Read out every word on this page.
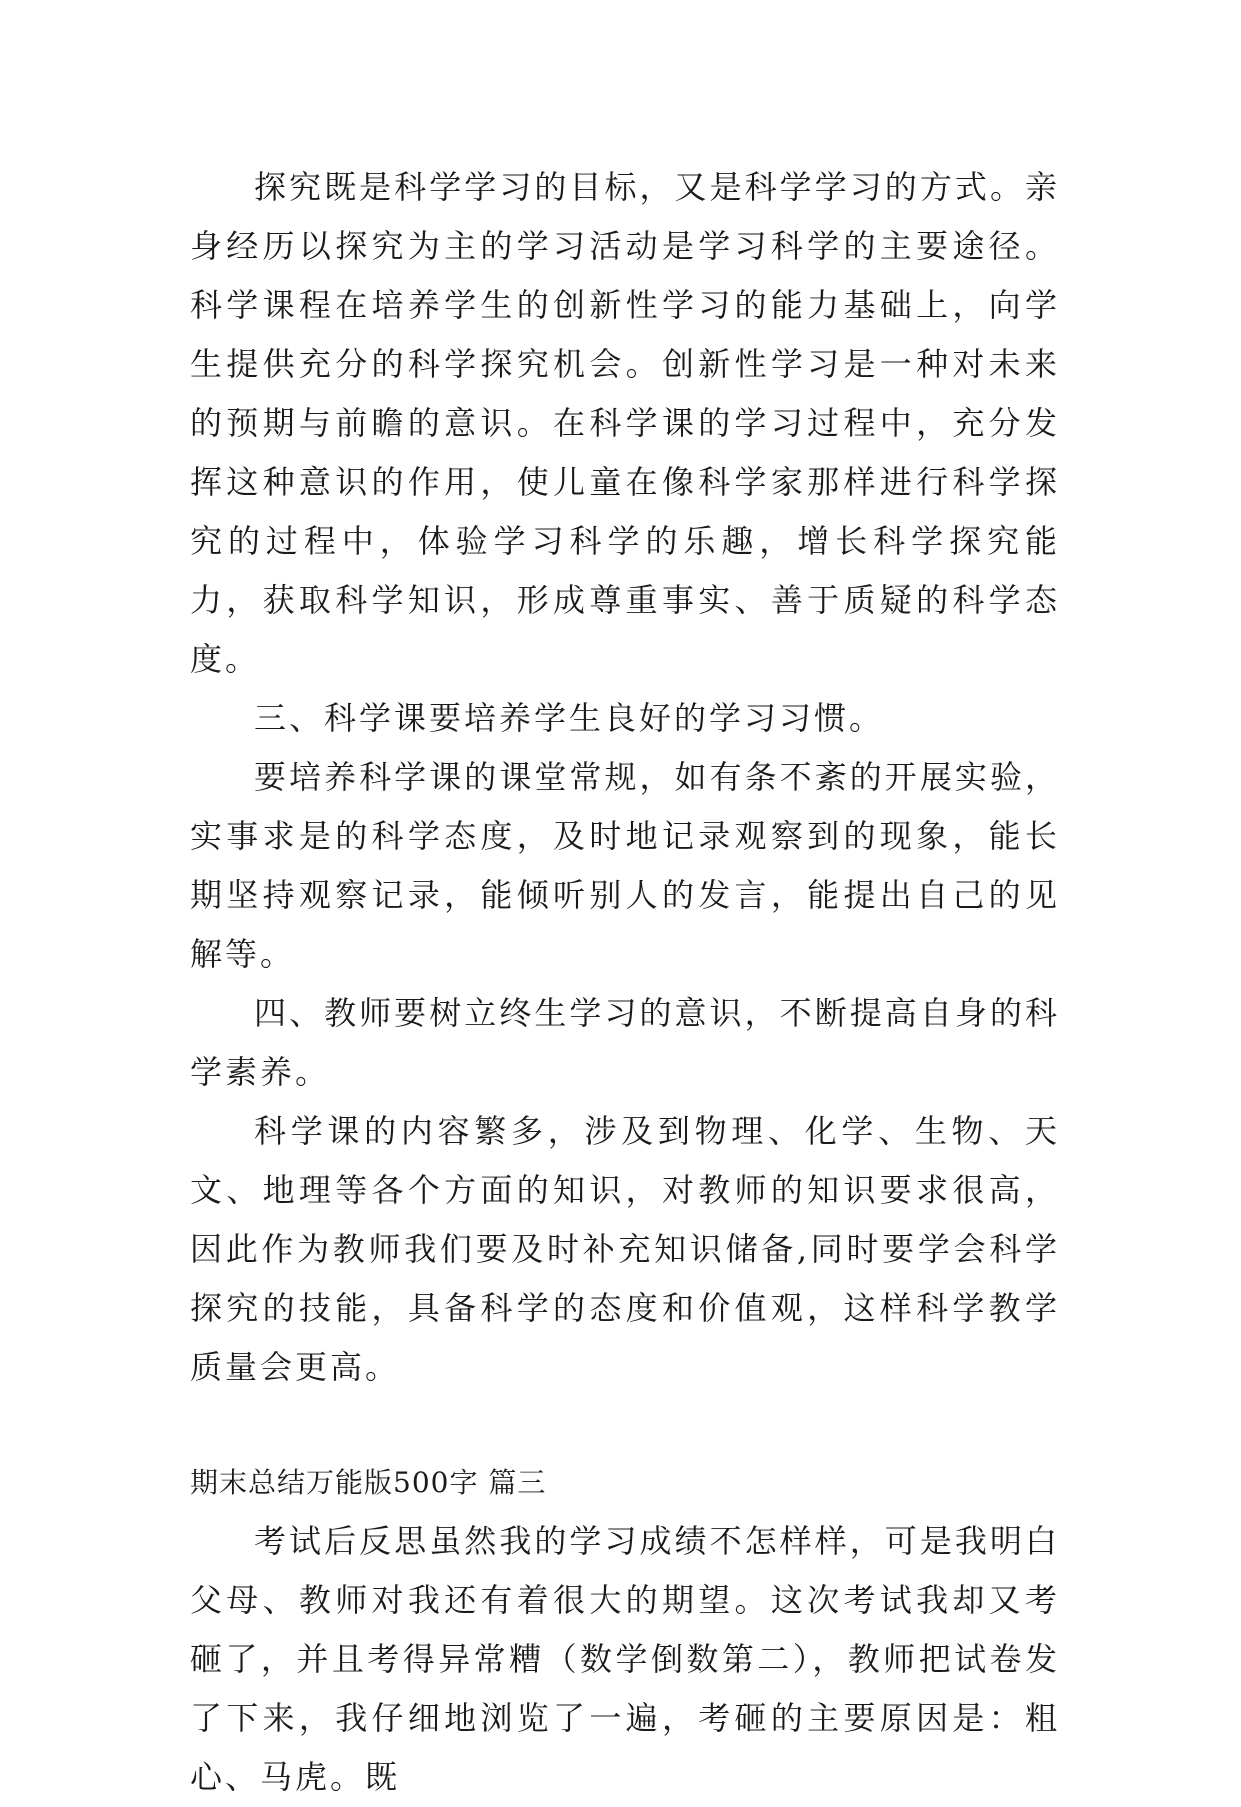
探究既是科学学习的目标，又是科学学习的方式。亲身经历以探究为主的学习活动是学习科学的主要途径。科学课程在培养学生的创新性学习的能力基础上，向学生提供充分的科学探究机会。创新性学习是一种对未来的预期与前瞻的意识。在科学课的学习过程中，充分发挥这种意识的作用，使儿童在像科学家那样进行科学探究的过程中，体验学习科学的乐趣，增长科学探究能力，获取科学知识，形成尊重事实、善于质疑的科学态度。

三、科学课要培养学生良好的学习习惯。

要培养科学课的课堂常规，如有条不紊的开展实验，实事求是的科学态度，及时地记录观察到的现象，能长期坚持观察记录，能倾听别人的发言，能提出自己的见解等。

四、教师要树立终生学习的意识，不断提高自身的科学素养。

科学课的内容繁多，涉及到物理、化学、生物、天文、地理等各个方面的知识，对教师的知识要求很高，因此作为教师我们要及时补充知识储备,同时要学会科学探究的技能，具备科学的态度和价值观，这样科学教学质量会更高。

期末总结万能版500字 篇三

考试后反思虽然我的学习成绩不怎样样，可是我明白父母、教师对我还有着很大的期望。这次考试我却又考砸了，并且考得异常糟（数学倒数第二），教师把试卷发了下来，我仔细地浏览了一遍，考砸的主要原因是：粗心、马虎。既
